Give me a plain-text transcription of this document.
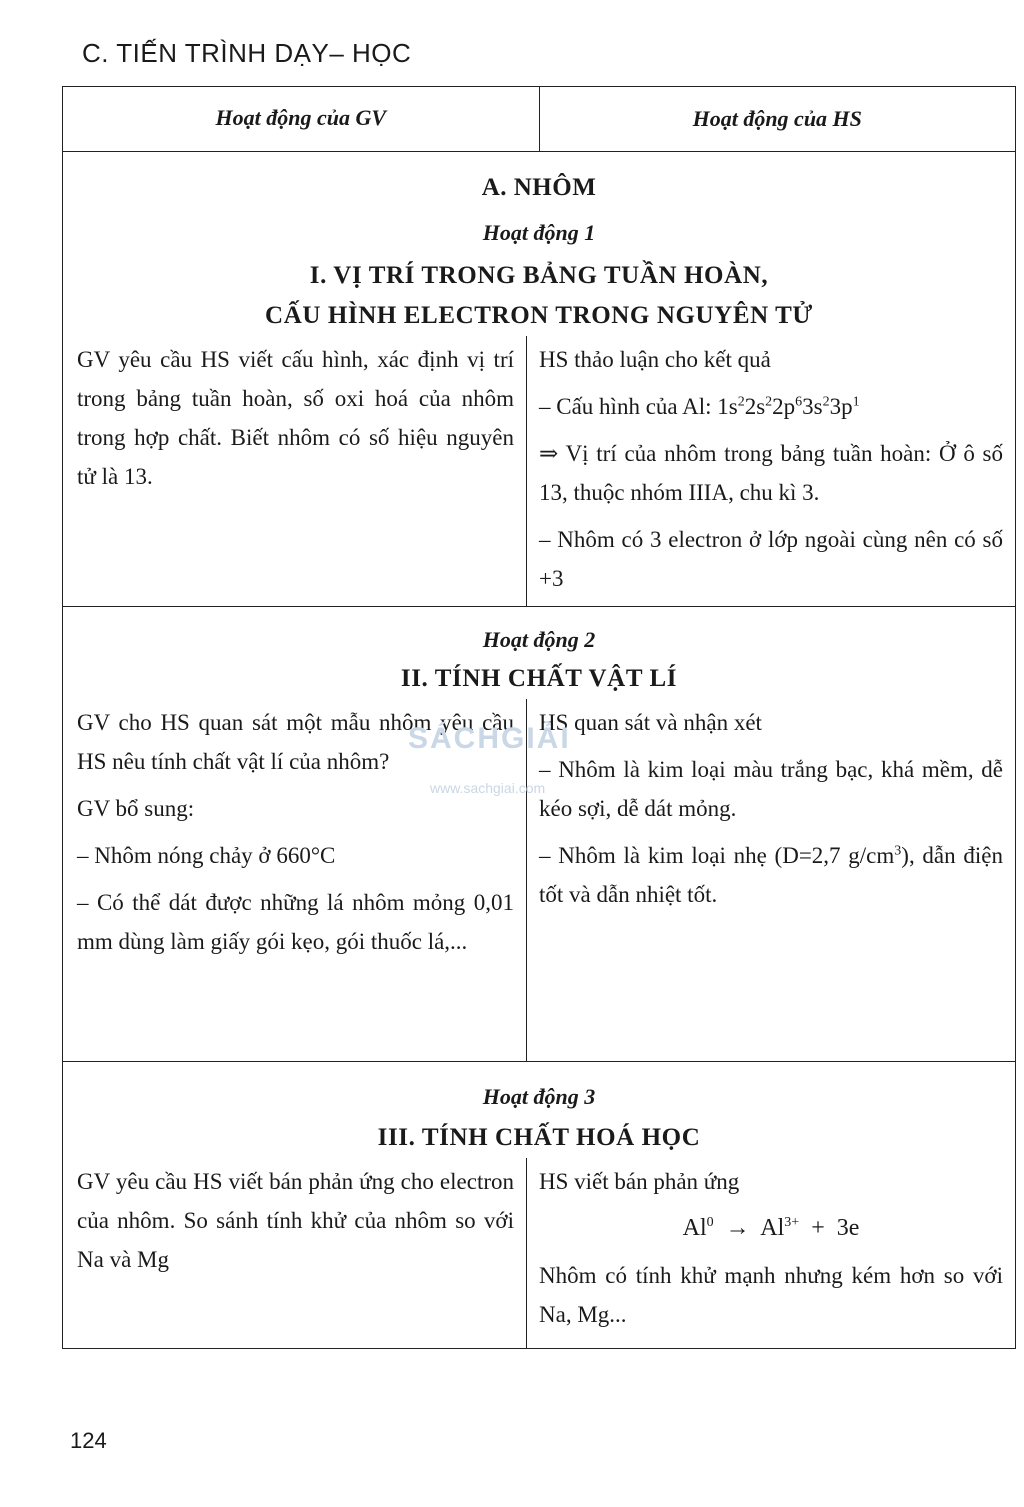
C. TIẾN TRÌNH DẠY– HỌC
Hoạt động của GV	Hoạt động của HS
A. NHÔM
Hoạt động 1
I. VỊ TRÍ TRONG BẢNG TUẦN HOÀN,
CẤU HÌNH ELECTRON TRONG NGUYÊN TỬ

GV yêu cầu HS viết cấu hình, xác định vị trí trong bảng tuần hoàn, số oxi hoá của nhôm trong hợp chất. Biết nhôm có số hiệu nguyên tử là 13.

HS thảo luận cho kết quả

– Cấu hình của Al: $1s^22s^22p^63s^23p^1$

⇒ Vị trí của nhôm trong bảng tuần hoàn: Ở ô số 13, thuộc nhóm IIIA, chu kì 3.

– Nhôm có 3 electron ở lớp ngoài cùng nên có số +3

Hoạt động 2
II. TÍNH CHẤT VẬT LÍ

GV cho HS quan sát một mẫu nhôm yêu cầu HS nêu tính chất vật lí của nhôm?

GV bổ sung:

– Nhôm nóng chảy ở 660°C

– Có thể dát được những lá nhôm mỏng 0,01 mm dùng làm giấy gói kẹo, gói thuốc lá,...

HS quan sát và nhận xét

– Nhôm là kim loại màu trắng bạc, khá mềm, dễ kéo sợi, dễ dát mỏng.

– Nhôm là kim loại nhẹ (D=2,7 $g/cm^3$), dẫn điện tốt và dẫn nhiệt tốt.

Hoạt động 3
III. TÍNH CHẤT HOÁ HỌC

GV yêu cầu HS viết bán phản ứng cho electron của nhôm. So sánh tính khử của nhôm so với Na và Mg

HS viết bán phản ứng

$Al^0 \to Al^{3+} + 3e$

Nhôm có tính khử mạnh nhưng kém hơn so với Na, Mg...

SÁCHGIẢI
www.sachgiai.com
124
